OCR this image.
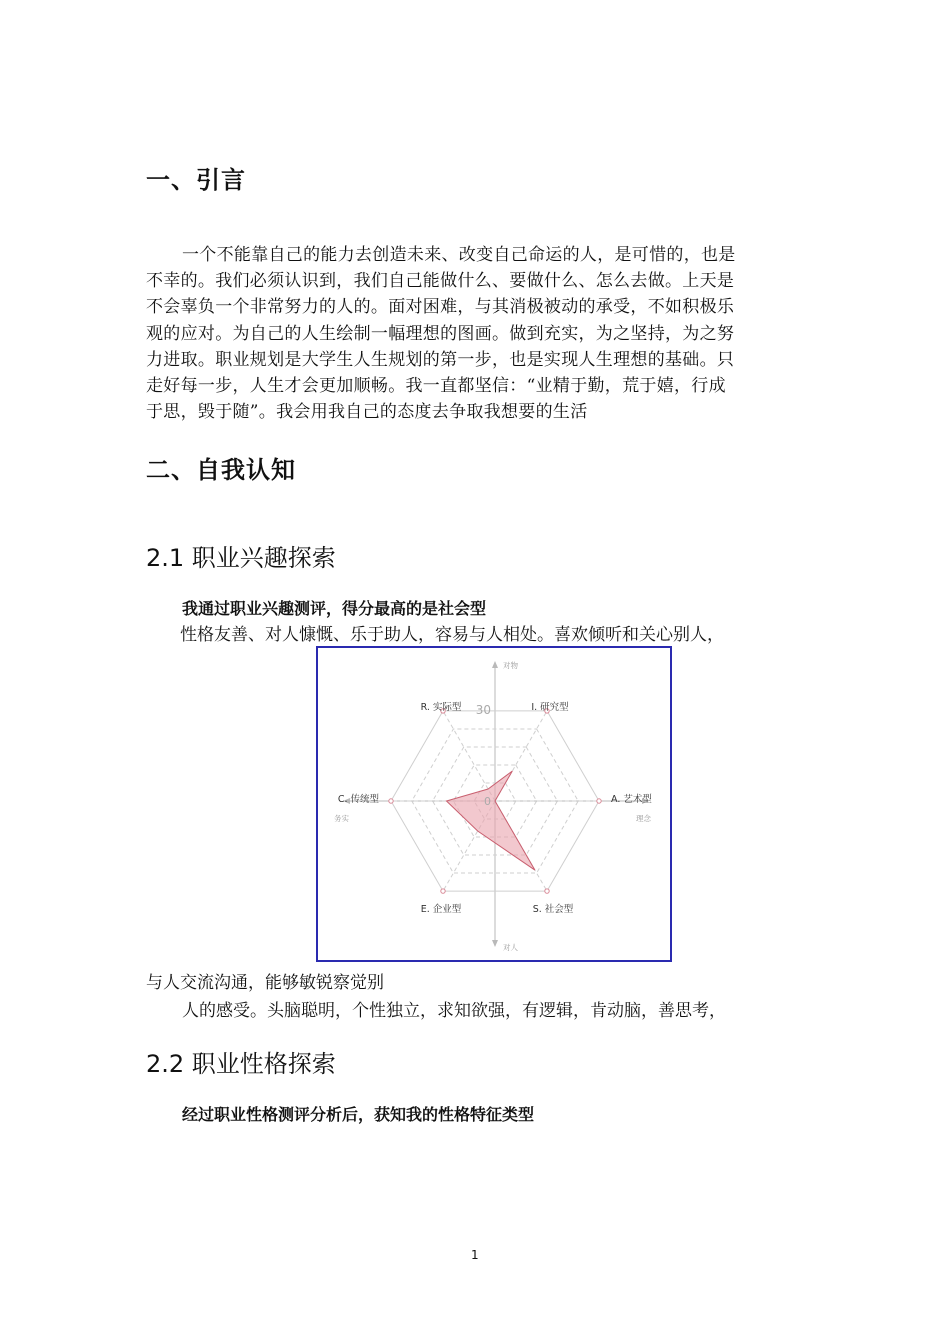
一、引言
一个不能靠自己的能力去创造未来、改变自己命运的人，是可惜的，也是
不幸的。我们必须认识到，我们自己能做什么、要做什么、怎么去做。上天是
不会辜负一个非常努力的人的。面对困难，与其消极被动的承受，不如积极乐
观的应对。为自己的人生绘制一幅理想的图画。做到充实，为之坚持，为之努
力进取。职业规划是大学生人生规划的第一步，也是实现人生理想的基础。只
走好每一步，人生才会更加顺畅。我一直都坚信：“业精于勤，荒于嬉，行成
于思，毁于随”。我会用我自己的态度去争取我想要的生活
二、自我认知
2.1 职业兴趣探索
我通过职业兴趣测评，得分最高的是社会型
性格友善、对人慷慨、乐于助人，容易与人相处。喜欢倾听和关心别人，
I. 研究型
A. 艺术型
S. 社会型
E. 企业型
C. 传统型
R. 实际型
0
30
对物
对人
务实	理念
与人交流沟通，能够敏锐察觉别
人的感受。头脑聪明，个性独立，求知欲强，有逻辑，肯动脑，善思考，
2.2 职业性格探索
经过职业性格测评分析后，获知我的性格特征类型
1
